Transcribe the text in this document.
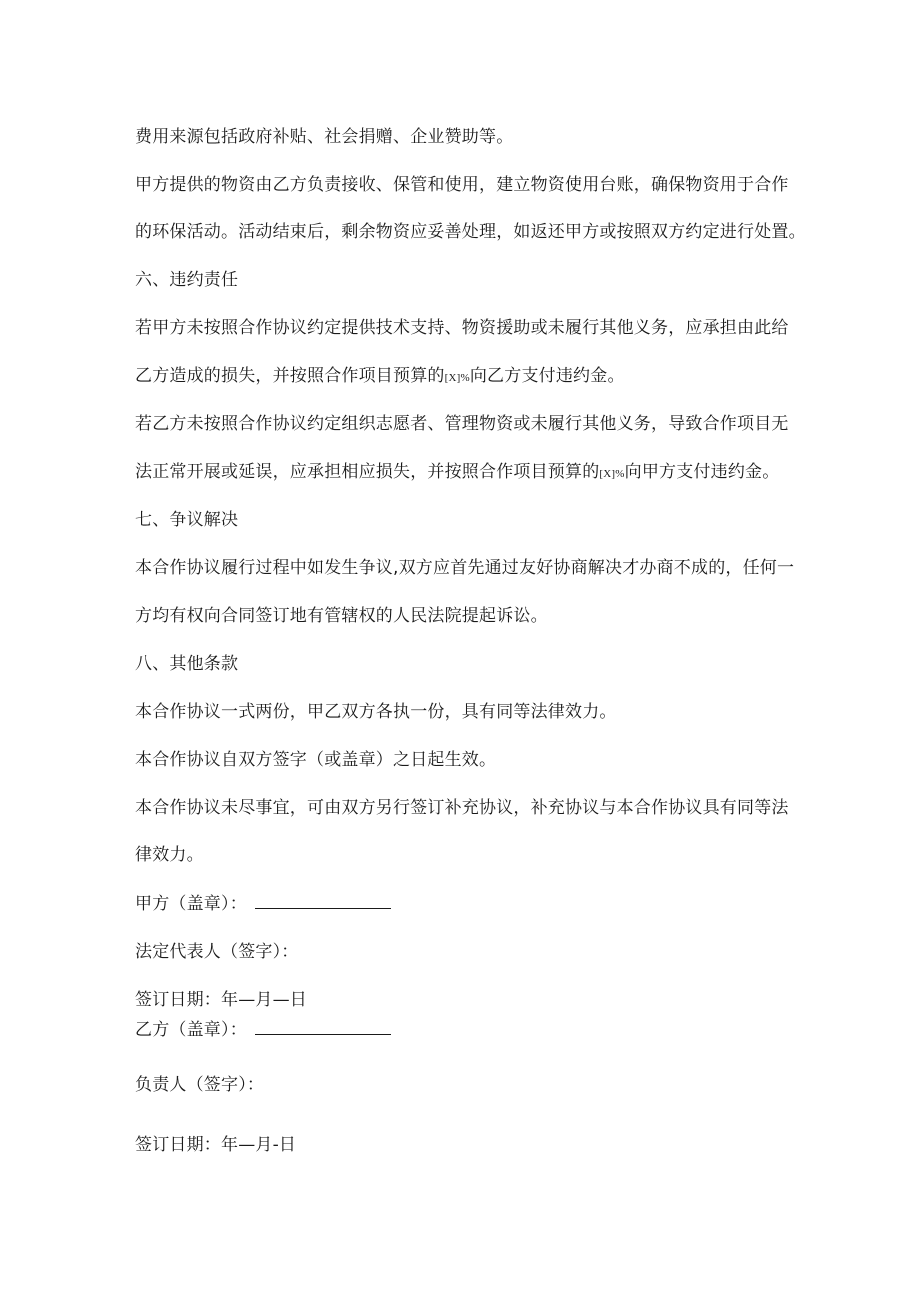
费用来源包括政府补贴、社会捐赠、企业赞助等。
甲方提供的物资由乙方负责接收、保管和使用，建立物资使用台账，确保物资用于合作
的环保活动。活动结束后，剩余物资应妥善处理，如返还甲方或按照双方约定进行处置。
六、违约责任
若甲方未按照合作协议约定提供技术支持、物资援助或未履行其他义务，应承担由此给
乙方造成的损失，并按照合作项目预算的[X]%向乙方支付违约金。
若乙方未按照合作协议约定组织志愿者、管理物资或未履行其他义务，导致合作项目无
法正常开展或延误，应承担相应损失，并按照合作项目预算的[X]%向甲方支付违约金。
七、争议解决
本合作协议履行过程中如发生争议,双方应首先通过友好协商解决才办商不成的，任何一
方均有权向合同签订地有管辖权的人民法院提起诉讼。
八、其他条款
本合作协议一式两份，甲乙双方各执一份，具有同等法律效力。
本合作协议自双方签字（或盖章）之日起生效。
本合作协议未尽事宜，可由双方另行签订补充协议，补充协议与本合作协议具有同等法
律效力。
甲方（盖章）：
法定代表人（签字）：
签订日期：年—月—日
乙方（盖章）：
负责人（签字）：
签订日期：年—月-日
